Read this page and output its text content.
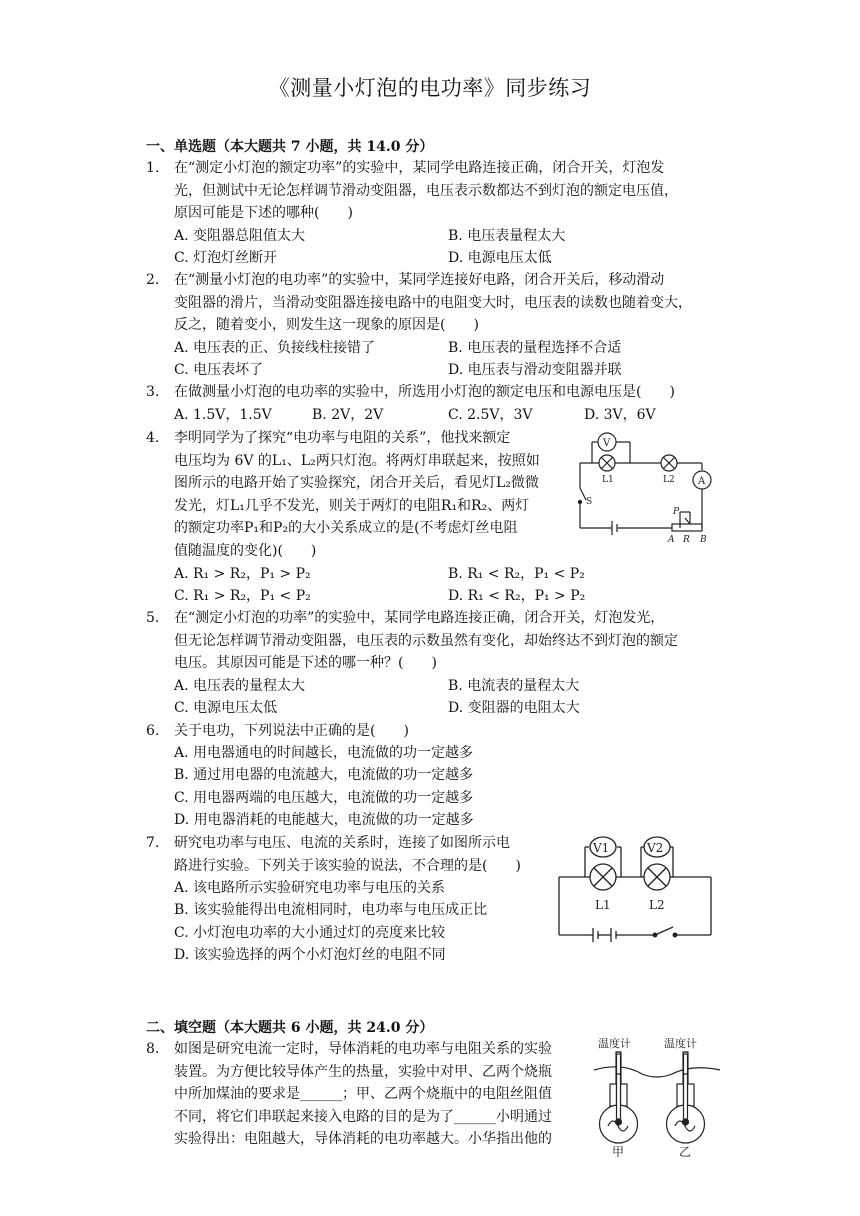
《测量小灯泡的电功率》同步练习
一、单选题（本大题共 7 小题，共 14.0 分）
1.	在“测定小灯泡的额定功率”的实验中，某同学电路连接正确，闭合开关，灯泡发
光，但测试中无论怎样调节滑动变阻器，电压表示数都达不到灯泡的额定电压值，
原因可能是下述的哪种(　　)
A. 变阻器总阻值太大	B. 电压表量程太大
C. 灯泡灯丝断开	D. 电源电压太低
2.	在“测量小灯泡的电功率”的实验中，某同学连接好电路，闭合开关后，移动滑动
变阻器的滑片，当滑动变阻器连接电路中的电阻变大时，电压表的读数也随着变大，
反之，随着变小，则发生这一现象的原因是(　　)
A. 电压表的正、负接线柱接错了	B. 电压表的量程选择不合适
C. 电压表坏了	D. 电压表与滑动变阻器并联
3.	在做测量小灯泡的电功率的实验中，所选用小灯泡的额定电压和电源电压是(　　)
A. 1.5V，1.5V	B. 2V，2V	C. 2.5V，3V	D. 3V，6V
4.	李明同学为了探究“电功率与电阻的关系”，他找来额定
电压均为 6V 的L₁、L₂两只灯泡。将两灯串联起来，按照如
图所示的电路开始了实验探究，闭合开关后，看见灯L₂微微
发光，灯L₁几乎不发光，则关于两灯的电阻R₁和R₂、两灯
的额定功率P₁和P₂的大小关系成立的是(不考虑灯丝电阻
值随温度的变化)(　　)
A. R₁ > R₂，P₁ > P₂	B. R₁ < R₂，P₁ < P₂
C. R₁ > R₂，P₁ < P₂	D. R₁ < R₂，P₁ > P₂
V
L1	L2 A
S
P
A R B
5.	在“测定小灯泡的功率”的实验中，某同学电路连接正确，闭合开关，灯泡发光，
但无论怎样调节滑动变阻器，电压表的示数虽然有变化，却始终达不到灯泡的额定
电压。其原因可能是下述的哪一种？(　　)
A. 电压表的量程太大	B. 电流表的量程太大
C. 电源电压太低	D. 变阻器的电阻太大
6.	关于电功，下列说法中正确的是(　　)
A. 用电器通电的时间越长，电流做的功一定越多
B. 通过用电器的电流越大，电流做的功一定越多
C. 用电器两端的电压越大，电流做的功一定越多
D. 用电器消耗的电能越大，电流做的功一定越多
7.	研究电功率与电压、电流的关系时，连接了如图所示电
路进行实验。下列关于该实验的说法，不合理的是(　　)
A. 该电路所示实验研究电功率与电压的关系
B. 该实验能得出电流相同时，电功率与电压成正比
C. 小灯泡电功率的大小通过灯的亮度来比较
D. 该实验选择的两个小灯泡灯丝的电阻不同
V1	V2
L1	L2
二、填空题（本大题共 6 小题，共 24.0 分）
8.	如图是研究电流一定时，导体消耗的电功率与电阻关系的实验
装置。为方便比较导体产生的热量，实验中对甲、乙两个烧瓶
中所加煤油的要求是______；甲、乙两个烧瓶中的电阻丝阻值
不同，将它们串联起来接入电路的目的是为了______小明通过
实验得出：电阻越大，导体消耗的电功率越大。小华指出他的
温度计	温度计
甲	乙
